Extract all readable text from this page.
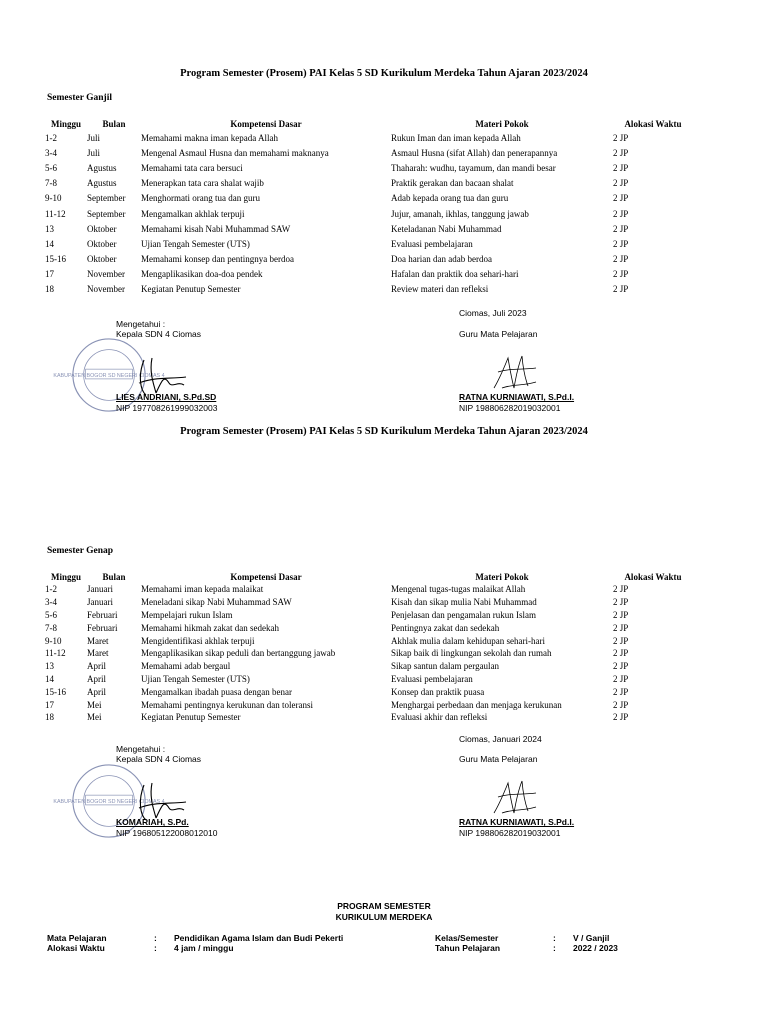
Program Semester (Prosem) PAI Kelas 5 SD Kurikulum Merdeka Tahun Ajaran 2023/2024
Semester Ganjil
Minggu	Bulan	Kompetensi Dasar	Materi Pokok	Alokasi Waktu
1-2	Juli	Memahami makna iman kepada Allah	Rukun Iman dan iman kepada Allah	2 JP
3-4	Juli	Mengenal Asmaul Husna dan memahami maknanya	Asmaul Husna (sifat Allah) dan penerapannya	2 JP
5-6	Agustus	Memahami tata cara bersuci	Thaharah: wudhu, tayamum, dan mandi besar	2 JP
7-8	Agustus	Menerapkan tata cara shalat wajib	Praktik gerakan dan bacaan shalat	2 JP
9-10	September	Menghormati orang tua dan guru	Adab kepada orang tua dan guru	2 JP
11-12	September	Mengamalkan akhlak terpuji	Jujur, amanah, ikhlas, tanggung jawab	2 JP
13	Oktober	Memahami kisah Nabi Muhammad SAW	Keteladanan Nabi Muhammad	2 JP
14	Oktober	Ujian Tengah Semester (UTS)	Evaluasi pembelajaran	2 JP
15-16	Oktober	Memahami konsep dan pentingnya berdoa	Doa harian dan adab berdoa	2 JP
17	November	Mengaplikasikan doa-doa pendek	Hafalan dan praktik doa sehari-hari	2 JP
18	November	Kegiatan Penutup Semester	Review materi dan refleksi	2 JP
Ciomas, Juli 2023
Mengetahui :
Kepala SDN 4 Ciomas	Guru Mata Pelajaran
KABUPATEN BOGOR SD NEGERI CIOMAS 4
LIES ANDRIANI, S.Pd.SD
NIP 197708261999032003
RATNA KURNIAWATI, S.Pd.I.
NIP 198806282019032001
Program Semester (Prosem) PAI Kelas 5 SD Kurikulum Merdeka Tahun Ajaran 2023/2024
Semester Genap
Minggu	Bulan	Kompetensi Dasar	Materi Pokok	Alokasi Waktu
1-2	Januari	Memahami iman kepada malaikat	Mengenal tugas-tugas malaikat Allah	2 JP
3-4	Januari	Meneladani sikap Nabi Muhammad SAW	Kisah dan sikap mulia Nabi Muhammad	2 JP
5-6	Februari	Mempelajari rukun Islam	Penjelasan dan pengamalan rukun Islam	2 JP
7-8	Februari	Memahami hikmah zakat dan sedekah	Pentingnya zakat dan sedekah	2 JP
9-10	Maret	Mengidentifikasi akhlak terpuji	Akhlak mulia dalam kehidupan sehari-hari	2 JP
11-12	Maret	Mengaplikasikan sikap peduli dan bertanggung jawab	Sikap baik di lingkungan sekolah dan rumah	2 JP
13	April	Memahami adab bergaul	Sikap santun dalam pergaulan	2 JP
14	April	Ujian Tengah Semester (UTS)	Evaluasi pembelajaran	2 JP
15-16	April	Mengamalkan ibadah puasa dengan benar	Konsep dan praktik puasa	2 JP
17	Mei	Memahami pentingnya kerukunan dan toleransi	Menghargai perbedaan dan menjaga kerukunan	2 JP
18	Mei	Kegiatan Penutup Semester	Evaluasi akhir dan refleksi	2 JP
Ciomas, Januari 2024
Mengetahui :
Kepala SDN 4 Ciomas	Guru Mata Pelajaran
KABUPATEN BOGOR SD NEGERI CIOMAS 4
KOMARIAH, S.Pd.
NIP 196805122008012010
RATNA KURNIAWATI, S.Pd.I.
NIP 198806282019032001
PROGRAM SEMESTER
KURIKULUM MERDEKA
Mata Pelajaran	: Pendidikan Agama Islam dan Budi Pekerti
Alokasi Waktu	: 4 jam / minggu
Kelas/Semester	: V / Ganjil
Tahun Pelajaran	: 2022 / 2023
